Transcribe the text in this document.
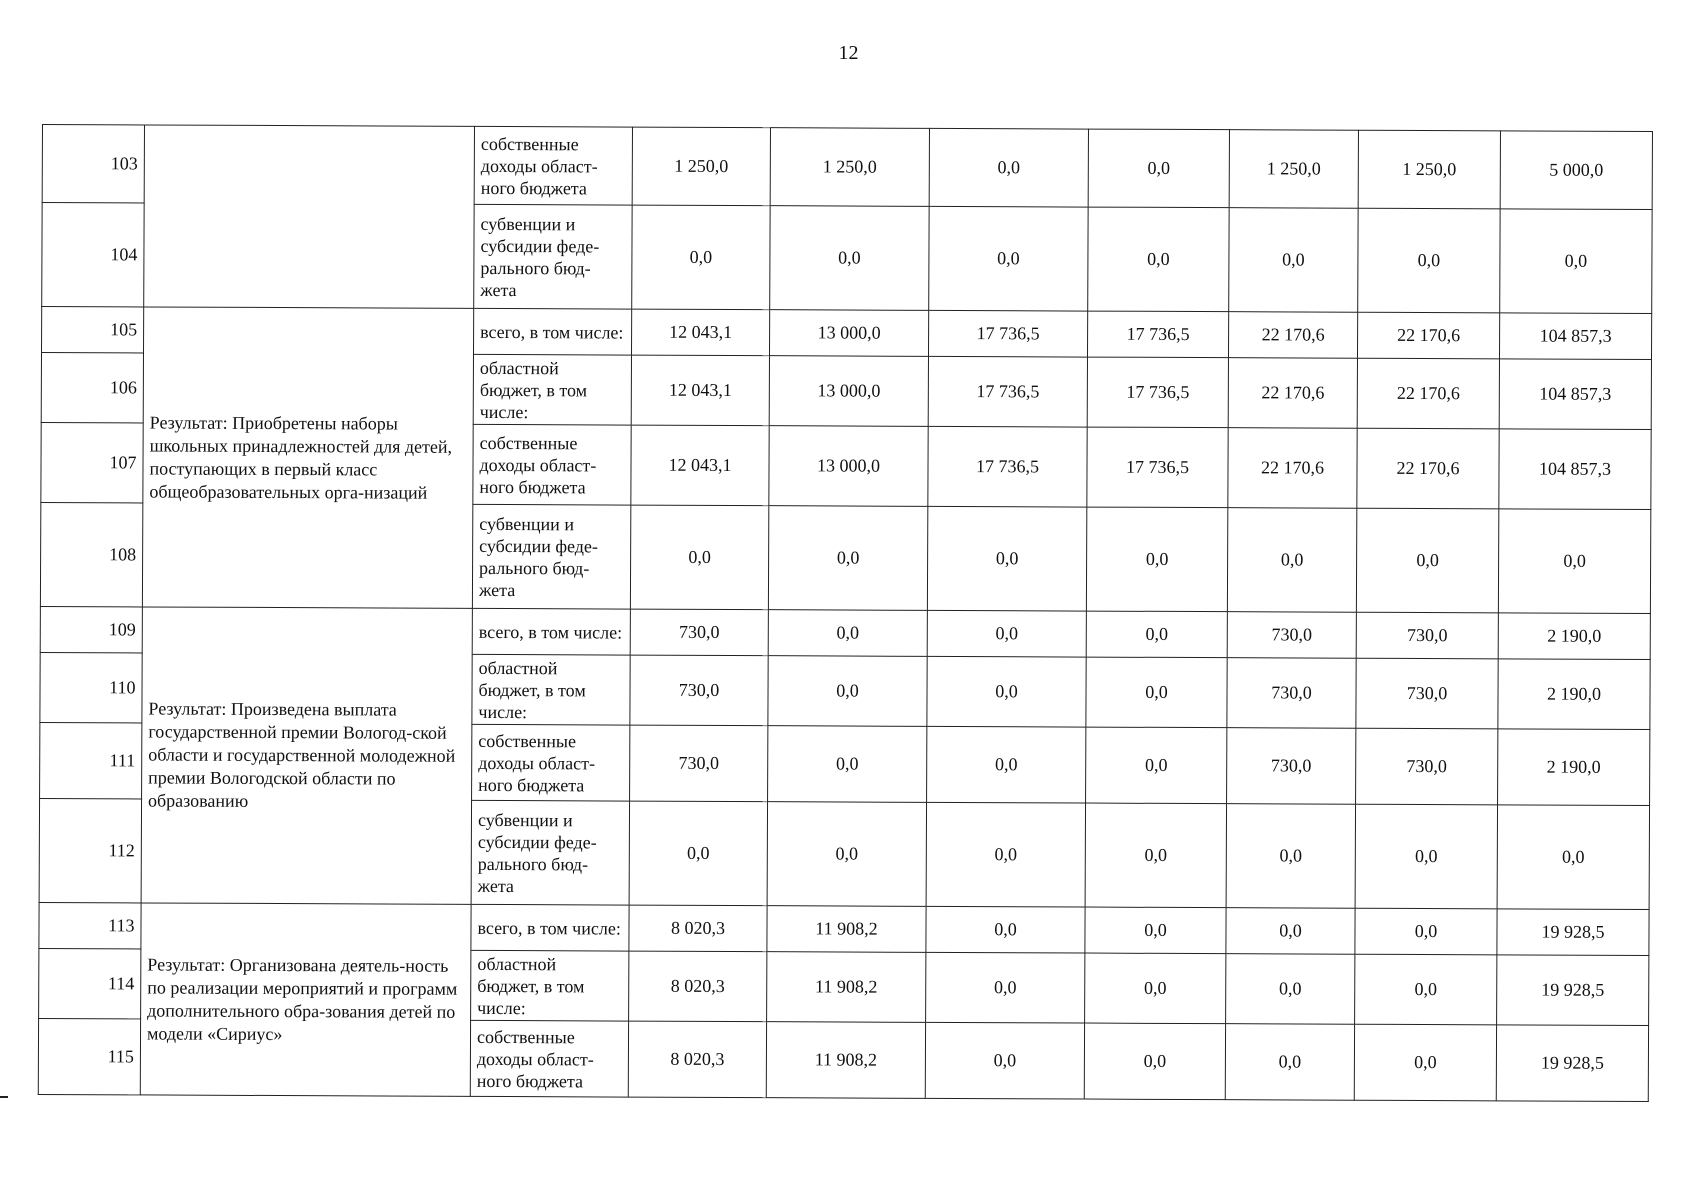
12
103		собственные доходы област-ного бюджета	1 250,0	1 250,0	0,0	0,0	1 250,0	1 250,0	5 000,0
104		субвенции и субсидии феде-рального бюд-жета	0,0	0,0	0,0	0,0	0,0	0,0	0,0
105	Результат: Приобретены наборы школьных принадлежностей для детей, поступающих в первый класс общеобразовательных орга-низаций	всего, в том числе:	12 043,1	13 000,0	17 736,5	17 736,5	22 170,6	22 170,6	104 857,3
106		областной бюджет, в том числе:	12 043,1	13 000,0	17 736,5	17 736,5	22 170,6	22 170,6	104 857,3
107		собственные доходы област-ного бюджета	12 043,1	13 000,0	17 736,5	17 736,5	22 170,6	22 170,6	104 857,3
108		субвенции и субсидии феде-рального бюд-жета	0,0	0,0	0,0	0,0	0,0	0,0	0,0
109	Результат: Произведена выплата государственной премии Вологод-ской области и государственной молодежной премии Вологодской области по образованию	всего, в том числе:	730,0	0,0	0,0	0,0	730,0	730,0	2 190,0
110		областной бюджет, в том числе:	730,0	0,0	0,0	0,0	730,0	730,0	2 190,0
111		собственные доходы област-ного бюджета	730,0	0,0	0,0	0,0	730,0	730,0	2 190,0
112		субвенции и субсидии феде-рального бюд-жета	0,0	0,0	0,0	0,0	0,0	0,0	0,0
113	Результат: Организована деятель-ность по реализации мероприятий и программ дополнительного обра-зования детей по модели «Сириус»	всего, в том числе:	8 020,3	11 908,2	0,0	0,0	0,0	0,0	19 928,5
114		областной бюджет, в том числе:	8 020,3	11 908,2	0,0	0,0	0,0	0,0	19 928,5
115		собственные доходы област-ного бюджета	8 020,3	11 908,2	0,0	0,0	0,0	0,0	19 928,5
